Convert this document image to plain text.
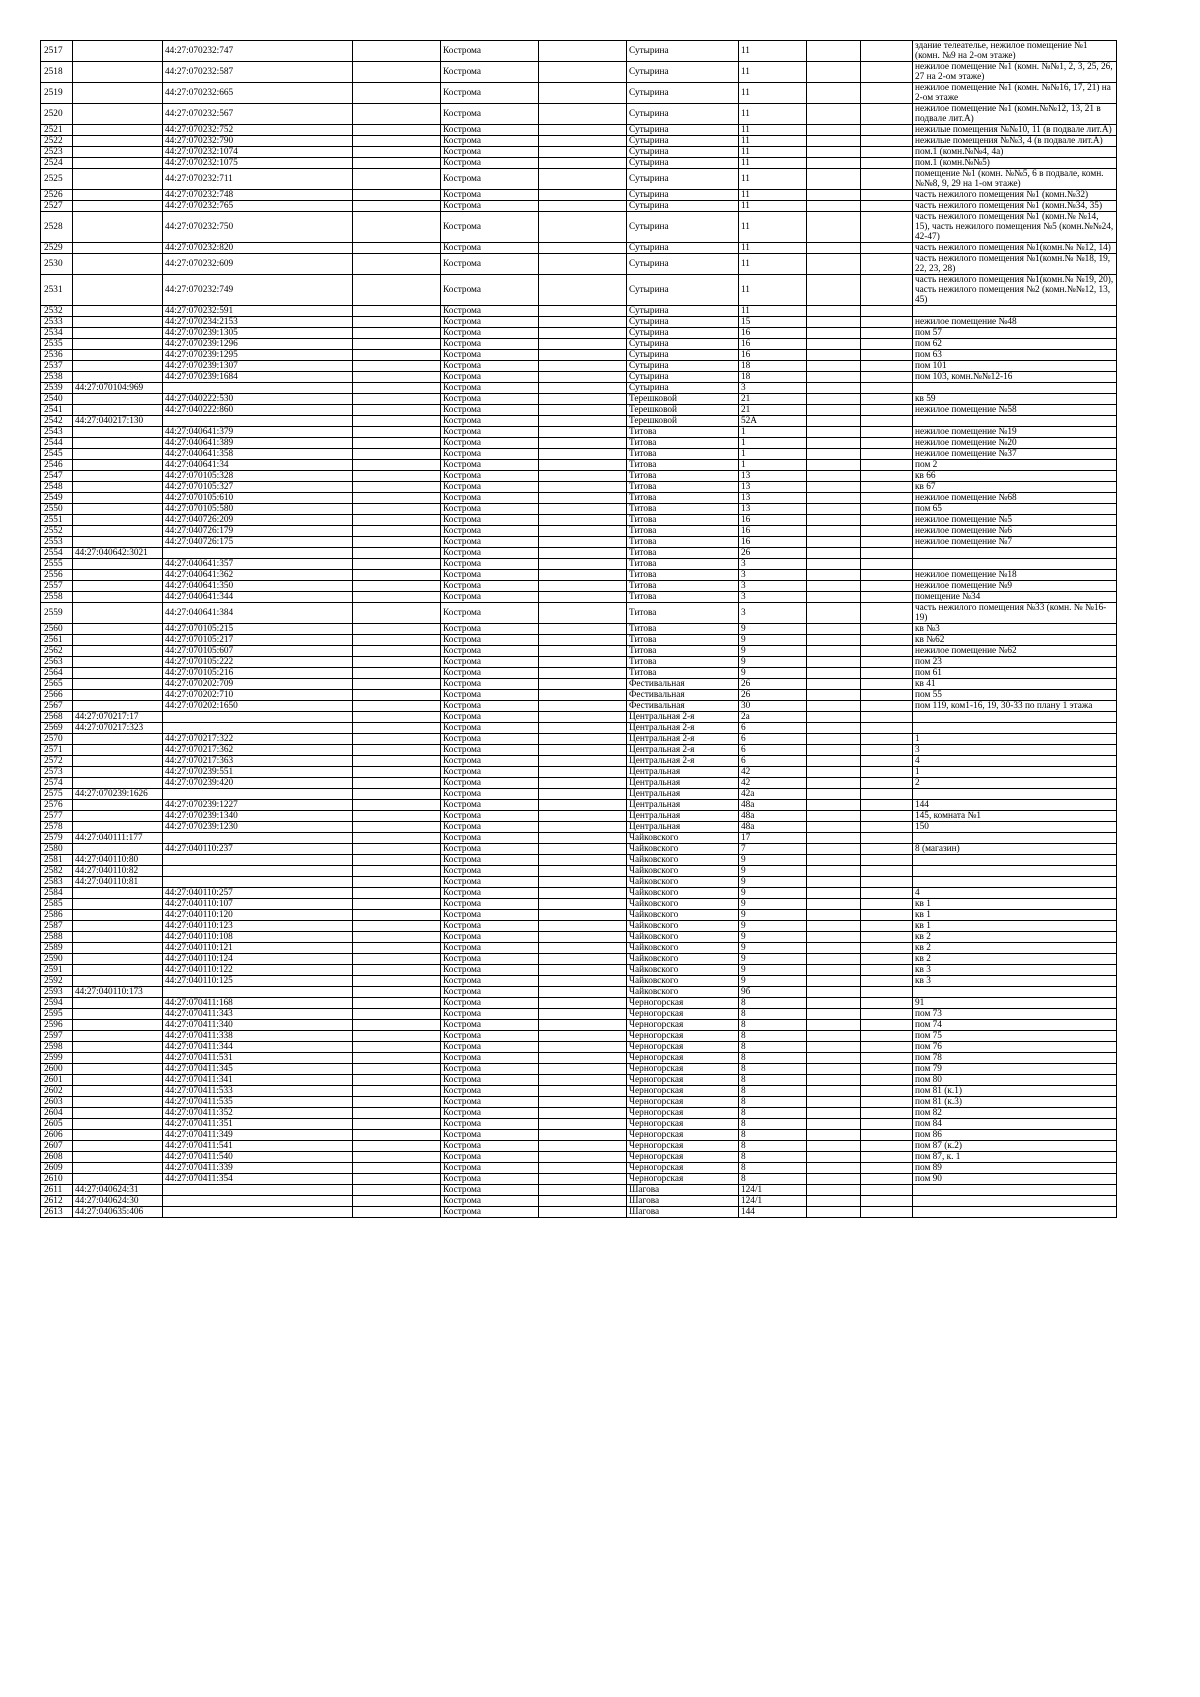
2517		44:27:070232:747		Кострома		Сутырина	11			здание телеателье, нежилое помещение №1 (комн. №9 на 2-ом этаже)
2518		44:27:070232:587		Кострома		Сутырина	11			нежилое помещение №1 (комн. №№1, 2, 3, 25, 26, 27 на 2-ом этаже)
2519		44:27:070232:665		Кострома		Сутырина	11			нежилое помещение №1 (комн. №№16, 17, 21) на 2-ом этаже
2520		44:27:070232:567		Кострома		Сутырина	11			нежилое помещение №1 (комн.№№12, 13, 21 в подвале лит.А)
2521		44:27:070232:752		Кострома		Сутырина	11			нежилые помещения №№10, 11 (в подвале лит.А)
2522		44:27:070232:790		Кострома		Сутырина	11			нежилые помещения №№3, 4 (в подвале лит.А)
2523		44:27:070232:1074		Кострома		Сутырина	11			пом.1 (комн.№№4, 4а)
2524		44:27:070232:1075		Кострома		Сутырина	11			пом.1 (комн.№№5)
2525		44:27:070232:711		Кострома		Сутырина	11			помещение №1 (комн. №№5, 6 в подвале, комн. №№8, 9, 29 на 1-ом этаже)
2526		44:27:070232:748		Кострома		Сутырина	11			часть нежилого помещения №1 (комн.№32)
2527		44:27:070232:765		Кострома		Сутырина	11			часть нежилого помещения №1 (комн.№34, 35)
2528		44:27:070232:750		Кострома		Сутырина	11			часть нежилого помещения №1 (комн.№ №14, 15), часть нежилого помещения №5 (комн.№№24, 42-47)
2529		44:27:070232:820		Кострома		Сутырина	11			часть нежилого помещения №1(комн.№ №12, 14)
2530		44:27:070232:609		Кострома		Сутырина	11			часть нежилого помещения №1(комн.№ №18, 19, 22, 23, 28)
2531		44:27:070232:749		Кострома		Сутырина	11			часть нежилого помещения №1(комн.№ №19, 20), часть нежилого помещения №2 (комн.№№12, 13, 45)
2532		44:27:070232:591		Кострома		Сутырина	11			
2533		44:27:070234:2153		Кострома		Сутырина	15			нежилое помещение №48
2534		44:27:070239:1305		Кострома		Сутырина	16			пом 57
2535		44:27:070239:1296		Кострома		Сутырина	16			пом 62
2536		44:27:070239:1295		Кострома		Сутырина	16			пом 63
2537		44:27:070239:1307		Кострома		Сутырина	18			пом 101
2538		44:27:070239:1684		Кострома		Сутырина	18			пом 103, комн.№№12-16
2539	44:27:070104:969			Кострома		Сутырина	3			
2540		44:27:040222:530		Кострома		Терешковой	21			кв 59
2541		44:27:040222:860		Кострома		Терешковой	21			нежилое помещение №58
2542	44:27:040217:130			Кострома		Терешковой	52А			
2543		44:27:040641:379		Кострома		Титова	1			нежилое помещение №19
2544		44:27:040641:389		Кострома		Титова	1			нежилое помещение №20
2545		44:27:040641:358		Кострома		Титова	1			нежилое помещение №37
2546		44:27:040641:34		Кострома		Титова	1			пом 2
2547		44:27:070105:328		Кострома		Титова	13			кв 66
2548		44:27:070105:327		Кострома		Титова	13			кв 67
2549		44:27:070105:610		Кострома		Титова	13			нежилое помещение №68
2550		44:27:070105:580		Кострома		Титова	13			пом 65
2551		44:27:040726:209		Кострома		Титова	16			нежилое помещение №5
2552		44:27:040726:179		Кострома		Титова	16			нежилое помещение №6
2553		44:27:040726:175		Кострома		Титова	16			нежилое помещение №7
2554	44:27:040642:3021			Кострома		Титова	26			
2555		44:27:040641:357		Кострома		Титова	3			
2556		44:27:040641:362		Кострома		Титова	3			нежилое помещение №18
2557		44:27:040641:350		Кострома		Титова	3			нежилое помещение №9
2558		44:27:040641:344		Кострома		Титова	3			помещение №34
2559		44:27:040641:384		Кострома		Титова	3			часть нежилого помещения №33 (комн. № №16-19)
2560		44:27:070105:215		Кострома		Титова	9			кв №3
2561		44:27:070105:217		Кострома		Титова	9			кв №62
2562		44:27:070105:607		Кострома		Титова	9			нежилое помещение №62
2563		44:27:070105:222		Кострома		Титова	9			пом 23
2564		44:27:070105:216		Кострома		Титова	9			пом 61
2565		44:27:070202:709		Кострома		Фестивальная	26			кв 41
2566		44:27:070202:710		Кострома		Фестивальная	26			пом 55
2567		44:27:070202:1650		Кострома		Фестивальная	30			пом 119, ком1-16, 19, 30-33 по плану 1 этажа
2568	44:27:070217:17			Кострома		Центральная 2-я	2а			
2569	44:27:070217:323			Кострома		Центральная 2-я	6			
2570		44:27:070217:322		Кострома		Центральная 2-я	6			1
2571		44:27:070217:362		Кострома		Центральная 2-я	6			3
2572		44:27:070217:363		Кострома		Центральная 2-я	6			4
2573		44:27:070239:551		Кострома		Центральная	42			1
2574		44:27:070239:420		Кострома		Центральная	42			2
2575	44:27:070239:1626			Кострома		Центральная	42а			
2576		44:27:070239:1227		Кострома		Центральная	48а			144
2577		44:27:070239:1340		Кострома		Центральная	48а			145, комната №1
2578		44:27:070239:1230		Кострома		Центральная	48а			150
2579	44:27:040111:177			Кострома		Чайковского	17			
2580		44:27:040110:237		Кострома		Чайковского	7			8 (магазин)
2581	44:27:040110:80			Кострома		Чайковского	9			
2582	44:27:040110:82			Кострома		Чайковского	9			
2583	44:27:040110:81			Кострома		Чайковского	9			
2584		44:27:040110:257		Кострома		Чайковского	9			4
2585		44:27:040110:107		Кострома		Чайковского	9			кв 1
2586		44:27:040110:120		Кострома		Чайковского	9			кв 1
2587		44:27:040110:123		Кострома		Чайковского	9			кв 1
2588		44:27:040110:108		Кострома		Чайковского	9			кв 2
2589		44:27:040110:121		Кострома		Чайковского	9			кв 2
2590		44:27:040110:124		Кострома		Чайковского	9			кв 2
2591		44:27:040110:122		Кострома		Чайковского	9			кв 3
2592		44:27:040110:125		Кострома		Чайковского	9			кв 3
2593	44:27:040110:173			Кострома		Чайковского	9б			
2594		44:27:070411:168		Кострома		Черногорская	8			91
2595		44:27:070411:343		Кострома		Черногорская	8			пом 73
2596		44:27:070411:340		Кострома		Черногорская	8			пом 74
2597		44:27:070411:338		Кострома		Черногорская	8			пом 75
2598		44:27:070411:344		Кострома		Черногорская	8			пом 76
2599		44:27:070411:531		Кострома		Черногорская	8			пом 78
2600		44:27:070411:345		Кострома		Черногорская	8			пом 79
2601		44:27:070411:341		Кострома		Черногорская	8			пом 80
2602		44:27:070411:533		Кострома		Черногорская	8			пом 81 (к.1)
2603		44:27:070411:535		Кострома		Черногорская	8			пом 81 (к.3)
2604		44:27:070411:352		Кострома		Черногорская	8			пом 82
2605		44:27:070411:351		Кострома		Черногорская	8			пом 84
2606		44:27:070411:349		Кострома		Черногорская	8			пом 86
2607		44:27:070411:541		Кострома		Черногорская	8			пом 87 (к.2)
2608		44:27:070411:540		Кострома		Черногорская	8			пом 87, к. 1
2609		44:27:070411:339		Кострома		Черногорская	8			пом 89
2610		44:27:070411:354		Кострома		Черногорская	8			пом 90
2611	44:27:040624:31			Кострома		Шагова	124/1			
2612	44:27:040624:30			Кострома		Шагова	124/1			
2613	44:27:040635:406			Кострома		Шагова	144			
